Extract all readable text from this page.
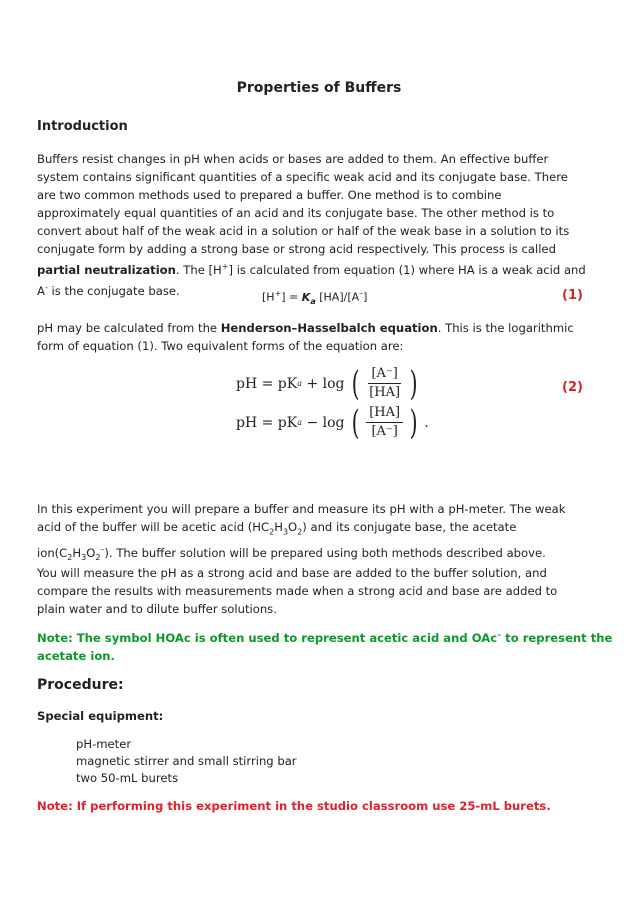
Properties of Buffers
Introduction
Buffers resist changes in pH when acids or bases are added to them. An effective buffer
system contains significant quantities of a specific weak acid and its conjugate base. There
are two common methods used to prepared a buffer. One method is to combine
approximately equal quantities of an acid and its conjugate base. The other method is to
convert about half of the weak acid in a solution or half of the weak base in a solution to its
conjugate form by adding a strong base or strong acid respectively. This process is called
partial neutralization. The [H+] is calculated from equation (1) where HA is a weak acid and
A- is the conjugate base.	$[H^+] = K_a$ [HA]/[A–]	(1)
pH may be calculated from the Henderson–Hasselbalch equation. This is the logarithmic
form of equation (1). Two equivalent forms of the equation are:
pH = pK a + log ( $\frac{[A^-]}{[HA]}$ )	(2)
pH = pK a − log ( $\frac{[HA]}{[A^-]}$ ) .
In this experiment you will prepare a buffer and measure its pH with a pH-meter. The weak
acid of the buffer will be acetic acid $(HC_2H_3O_2)$ and its conjugate base, the acetate
$ion(C_2H_3O_2^-)$. The buffer solution will be prepared using both methods described above.
You will measure the pH as a strong acid and base are added to the buffer solution, and
compare the results with measurements made when a strong acid and base are added to
plain water and to dilute buffer solutions.
Note: The symbol HOAc is often used to represent acetic acid and OAc– to represent the
acetate ion.
Procedure:
Special equipment:
pH-meter
magnetic stirrer and small stirring bar
two 50-mL burets
Note: If performing this experiment in the studio classroom use 25-mL burets.
